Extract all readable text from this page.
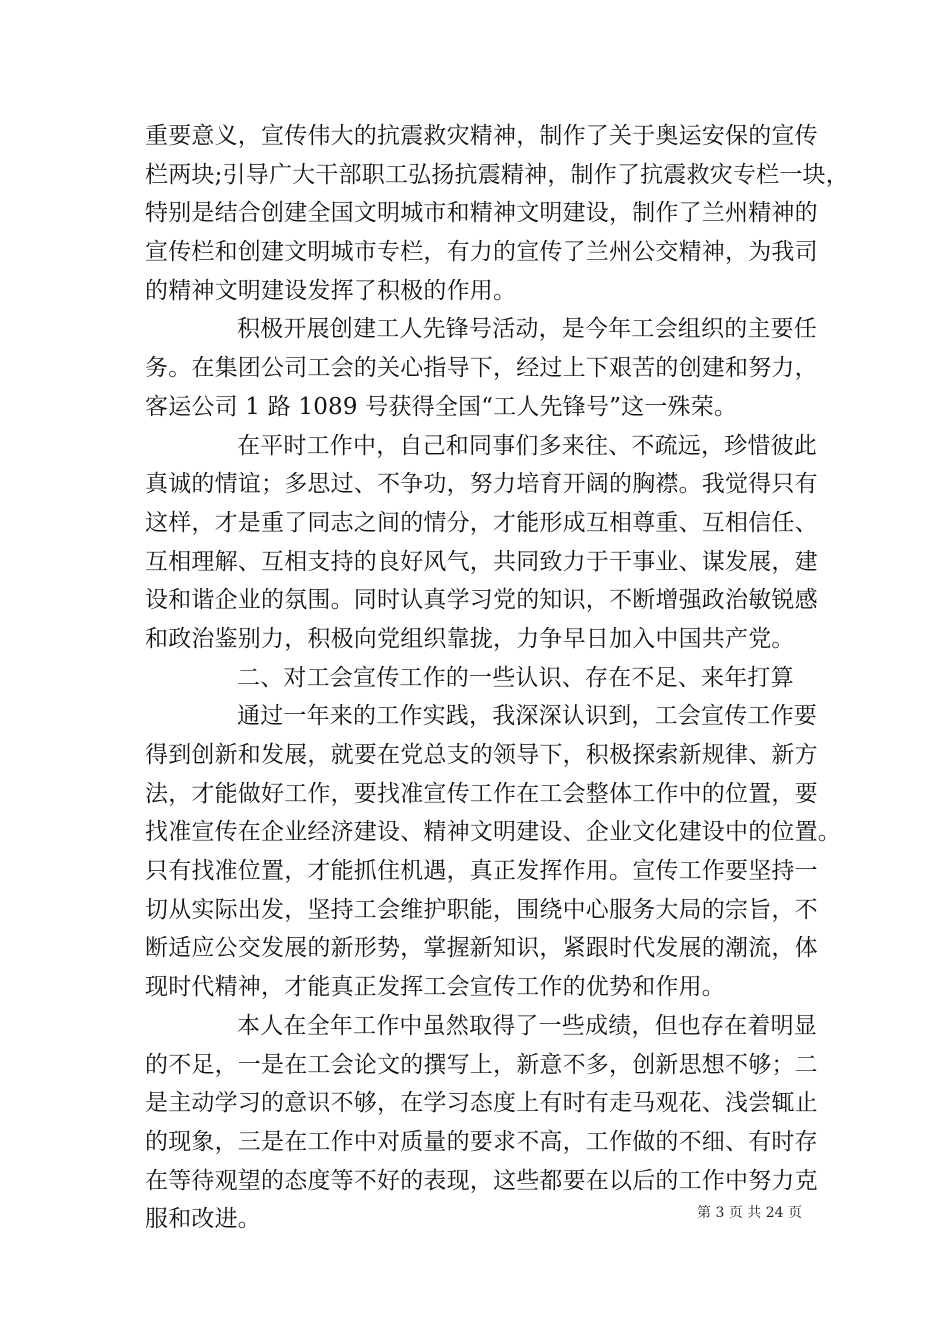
重要意义，宣传伟大的抗震救灾精神，制作了关于奥运安保的宣传
栏两块;引导广大干部职工弘扬抗震精神，制作了抗震救灾专栏一块，
特别是结合创建全国文明城市和精神文明建设，制作了兰州精神的
宣传栏和创建文明城市专栏，有力的宣传了兰州公交精神，为我司
的精神文明建设发挥了积极的作用。
积极开展创建工人先锋号活动，是今年工会组织的主要任
务。在集团公司工会的关心指导下，经过上下艰苦的创建和努力，
客运公司 1 路 1089 号获得全国“工人先锋号”这一殊荣。
在平时工作中，自己和同事们多来往、不疏远，珍惜彼此
真诚的情谊；多思过、不争功，努力培育开阔的胸襟。我觉得只有
这样，才是重了同志之间的情分，才能形成互相尊重、互相信任、
互相理解、互相支持的良好风气，共同致力于干事业、谋发展，建
设和谐企业的氛围。同时认真学习党的知识，不断增强政治敏锐感
和政治鉴别力，积极向党组织靠拢，力争早日加入中国共产党。
二、对工会宣传工作的一些认识、存在不足、来年打算
通过一年来的工作实践，我深深认识到，工会宣传工作要
得到创新和发展，就要在党总支的领导下，积极探索新规律、新方
法，才能做好工作，要找准宣传工作在工会整体工作中的位置，要
找准宣传在企业经济建设、精神文明建设、企业文化建设中的位置。
只有找准位置，才能抓住机遇，真正发挥作用。宣传工作要坚持一
切从实际出发，坚持工会维护职能，围绕中心服务大局的宗旨，不
断适应公交发展的新形势，掌握新知识，紧跟时代发展的潮流，体
现时代精神，才能真正发挥工会宣传工作的优势和作用。
本人在全年工作中虽然取得了一些成绩，但也存在着明显
的不足，一是在工会论文的撰写上，新意不多，创新思想不够；二
是主动学习的意识不够，在学习态度上有时有走马观花、浅尝辄止
的现象，三是在工作中对质量的要求不高，工作做的不细、有时存
在等待观望的态度等不好的表现，这些都要在以后的工作中努力克
服和改进。	第 3 页 共 24 页
